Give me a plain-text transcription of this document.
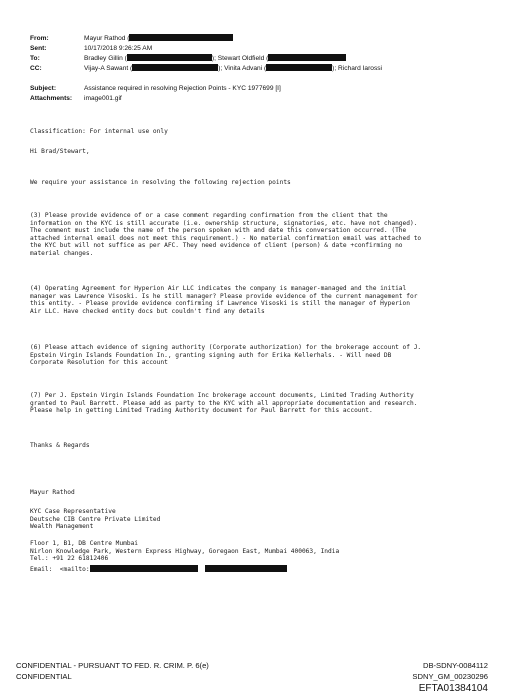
From:	Mayur Rathod (
Sent:	10/17/2018 9:26:25 AM
To:	Bradley Gillin (	); Stewart Oldfield (
CC:	Vijay-A Sawant (	); Vinita Advani (	); Richard Iarossi
Subject:	Assistance required in resolving Rejection Points - KYC 1977699 [I]
Attachments: image001.gif
Classification: For internal use only
Hi Brad/Stewart,
We require your assistance in resolving the following rejection points
(3) Please provide evidence of or a case comment regarding confirmation from the client that the
information on the KYC is still accurate (i.e. ownership structure, signatories, etc. have not changed).
The comment must include the name of the person spoken with and date this conversation occurred. (The
attached internal email does not meet this requirement.) - No material confirmation email was attached to
the KYC but will not suffice as per AFC. They need evidence of client (person) & date +confirming no
material changes.
(4) Operating Agreement for Hyperion Air LLC indicates the company is manager-managed and the initial
manager was Lawrence Visoski. Is he still manager? Please provide evidence of the current management for
this entity. - Please provide evidence confirming if Lawrence Visoski is still the manager of Hyperion
Air LLC. Have checked entity docs but couldn't find any details
(6) Please attach evidence of signing authority (Corporate authorization) for the brokerage account of J.
Epstein Virgin Islands Foundation In., granting signing auth for Erika Kellerhals. - Will need DB
Corporate Resolution for this account
(7) Per J. Epstein Virgin Islands Foundation Inc brokerage account documents, Limited Trading Authority
granted to Paul Barrett. Please add as party to the KYC with all appropriate documentation and research.
Please help in getting Limited Trading Authority document for Paul Barrett for this account.
Thanks & Regards
Mayur Rathod
KYC Case Representative
Deutsche CIB Centre Private Limited
Wealth Management
Floor 1, B1, DB Centre Mumbai
Nirlon Knowledge Park, Western Express Highway, Goregaon East, Mumbai 400063, India
Tel.: +91 22 61812406
Email:  <mailto:
CONFIDENTIAL - PURSUANT TO FED. R. CRIM. P. 6(e)
CONFIDENTIAL
DB-SDNY-0084112
SDNY_GM_00230296
EFTA01384104
